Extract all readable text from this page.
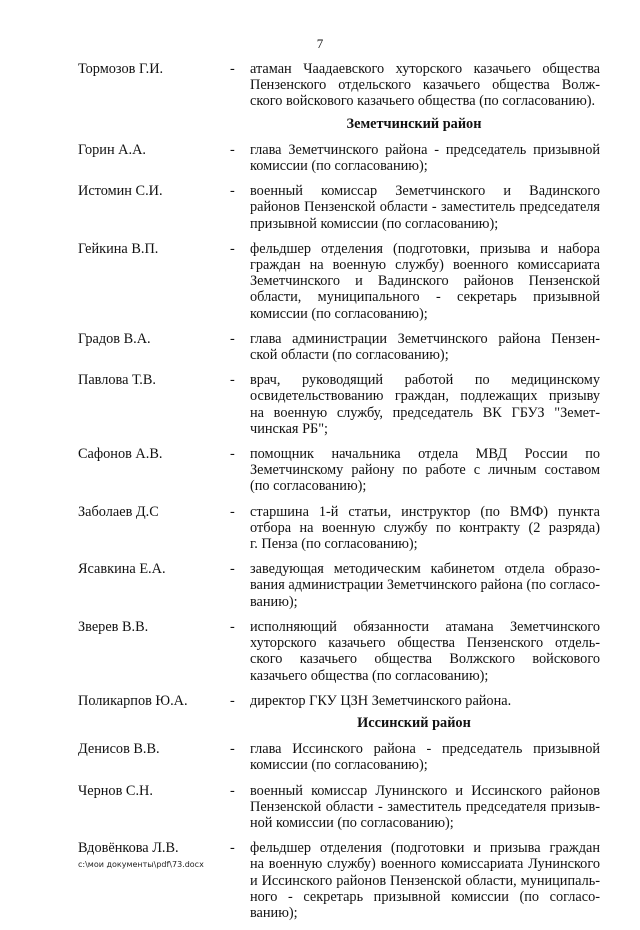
7
Тормозов Г.И.	-	атаман Чаадаевского хуторского казачьего общества
Пензенского отдельского казачьего общества Волж-
ского войскового казачьего общества (по согласованию).
Земетчинский район
Горин А.А.	-	глава Земетчинского района - председатель призывной
комиссии (по согласованию);
Истомин С.И.	-	военный комиссар Земетчинского и Вадинского
районов Пензенской области - заместитель председателя
призывной комиссии (по согласованию);
Гейкина В.П.	-	фельдшер отделения (подготовки, призыва и набора
граждан на военную службу) военного комиссариата
Земетчинского и Вадинского районов Пензенской
области, муниципального - секретарь призывной
комиссии (по согласованию);
Градов В.А.	-	глава администрации Земетчинского района Пензен-
ской области (по согласованию);
Павлова Т.В.	-	врач, руководящий работой по медицинскому
освидетельствованию граждан, подлежащих призыву
на военную службу, председатель ВК ГБУЗ "Земет-
чинская РБ";
Сафонов А.В.	-	помощник начальника отдела МВД России по
Земетчинскому району по работе с личным составом
(по согласованию);
Заболаев Д.С	-	старшина 1-й статьи, инструктор (по ВМФ) пункта
отбора на военную службу по контракту (2 разряда)
г. Пенза (по согласованию);
Ясавкина Е.А.	-	заведующая методическим кабинетом отдела образо-
вания администрации Земетчинского района (по согласо-
ванию);
Зверев В.В.	-	исполняющий обязанности атамана Земетчинского
хуторского казачьего общества Пензенского отдель-
ского казачьего общества Волжского войскового
казачьего общества (по согласованию);
Поликарпов Ю.А.	-	директор ГКУ ЦЗН Земетчинского района.
Иссинский район
Денисов В.В.	-	глава Иссинского района - председатель призывной
комиссии (по согласованию);
Чернов С.Н.	-	военный комиссар Лунинского и Иссинского районов
Пензенской области - заместитель председателя призыв-
ной комиссии (по согласованию);
Вдовёнкова Л.В.	-	фельдшер отделения (подготовки и призыва граждан
на военную службу) военного комиссариата Лунинского
и Иссинского районов Пензенской области, муниципаль-
ного - секретарь призывной комиссии (по согласо-
ванию);
c:\мои документы\pdf\73.docx
